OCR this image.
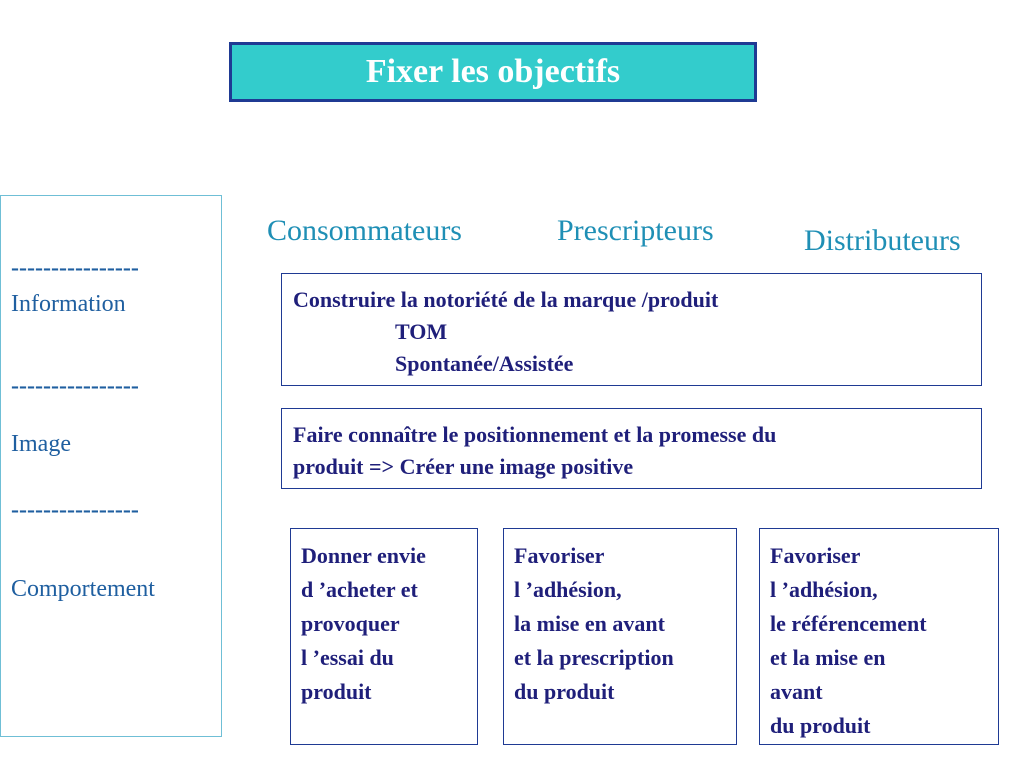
Fixer les objectifs
----------------
Information
----------------
Image
----------------
Comportement
Consommateurs	Prescripteurs	Distributeurs
Construire la notoriété de la marque /produit
TOM
Spontanée/Assistée
Faire connaître le positionnement et la promesse du
produit => Créer une image positive
Donner envie
d ’acheter et
provoquer
l ’essai du
produit
Favoriser
l ’adhésion,
la mise en avant
et la prescription
du produit
Favoriser
l ’adhésion,
le référencement
et la mise en
avant
du produit
